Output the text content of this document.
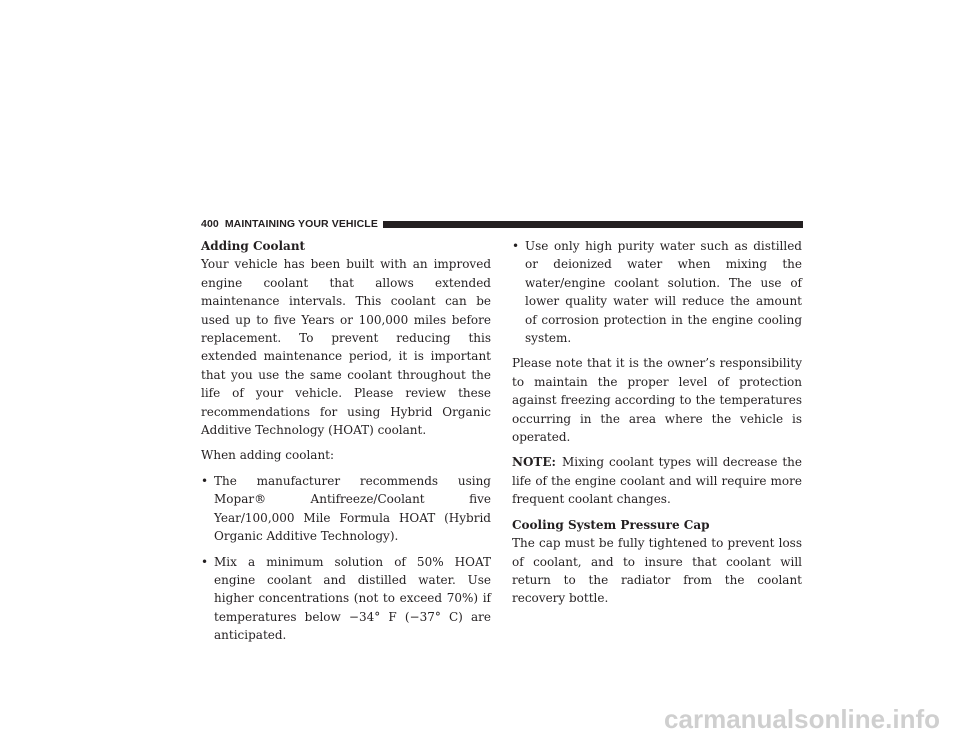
400 MAINTAINING YOUR VEHICLE

Adding Coolant

Your vehicle has been built with an improved engine coolant that allows extended maintenance intervals. This coolant can be used up to five Years or 100,000 miles before replacement. To prevent reducing this extended maintenance period, it is important that you use the same coolant throughout the life of your vehicle. Please review these recommendations for using Hybrid Organic Additive Technology (HOAT) coolant.

When adding coolant:

• The manufacturer recommends using Mopar® Antifreeze/Coolant five Year/100,000 Mile Formula HOAT (Hybrid Organic Additive Technology).
• Mix a minimum solution of 50% HOAT engine coolant and distilled water. Use higher concentrations (not to exceed 70%) if temperatures below −34° F (−37° C) are anticipated.
• Use only high purity water such as distilled or deionized water when mixing the water/engine coolant solution. The use of lower quality water will reduce the amount of corrosion protection in the engine cooling system.

Please note that it is the owner’s responsibility to maintain the proper level of protection against freezing according to the temperatures occurring in the area where the vehicle is operated.

NOTE: Mixing coolant types will decrease the life of the engine coolant and will require more frequent coolant changes.

Cooling System Pressure Cap

The cap must be fully tightened to prevent loss of coolant, and to insure that coolant will return to the radiator from the coolant recovery bottle.

carmanualsonline.info
